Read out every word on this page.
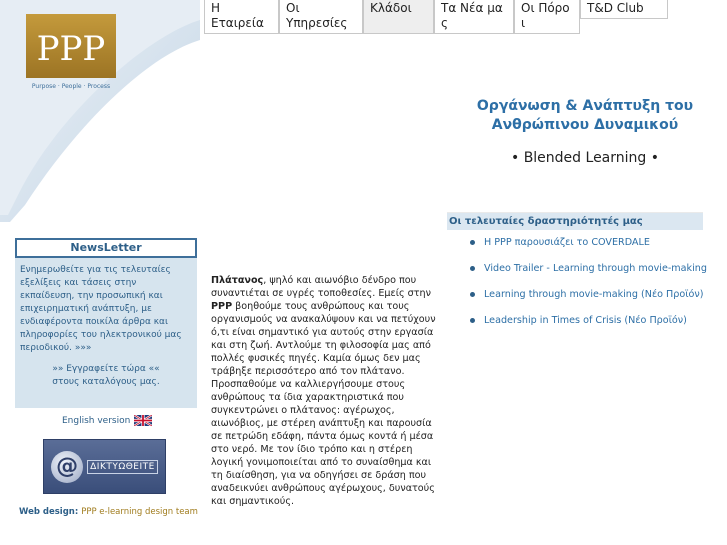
PPP
Purpose · People · Process
Η
Εταιρεία
Οι
Υπηρεσίες
Κλάδοι	Τα Νέα μα
ς
Οι Πόρο
ι
T&D Club
NewsLetter
Ενημερωθείτε για τις τελευταίες εξελίξεις και τάσεις στην εκπαίδευση, την προσωπική και επιχειρηματική ανάπτυξη, με ενδιαφέροντα ποικίλα άρθρα και πληροφορίες του ηλεκτρονικού μας περιοδικού. »»»
»» Εγγραφείτε τώρα ««
στους καταλόγους μας.
English version
@	ΔΙΚΤΥΩΘΕΙΤΕ
Web design: PPP e-learning design team
Πλάτανος, ψηλό και αιωνόβιο δένδρο που συναντιέται σε υγρές τοποθεσίες. Εμείς στην PPP βοηθούμε τους ανθρώπους και τους οργανισμούς να ανακαλύψουν και να πετύχουν ό,τι είναι σημαντικό για αυτούς στην εργασία και στη ζωή. Αντλούμε τη φιλοσοφία μας από πολλές φυσικές πηγές. Καμία όμως δεν μας τράβηξε περισσότερο από τον πλάτανο. Προσπαθούμε να καλλιεργήσουμε στους ανθρώπους τα ίδια χαρακτηριστικά που συγκεντρώνει ο πλάτανος: αγέρωχος, αιωνόβιος, με στέρεη ανάπτυξη και παρουσία σε πετρώδη εδάφη, πάντα όμως κοντά ή μέσα στο νερό. Με τον ίδιο τρόπο και η στέρεη λογική γονιμοποιείται από το συναίσθημα και τη διαίσθηση, για να οδηγήσει σε δράση που αναδεικνύει ανθρώπους αγέρωχους, δυνατούς και σημαντικούς.
Οργάνωση & Ανάπτυξη του
Ανθρώπινου Δυναμικού
• Blended Learning •
Οι τελευταίες δραστηριότητές μας
Η PPP παρουσιάζει το COVERDALE
Video Trailer - Learning through movie-making
Learning through movie-making (Νέο Προϊόν)
Leadership in Times of Crisis (Νέο Προϊόν)
